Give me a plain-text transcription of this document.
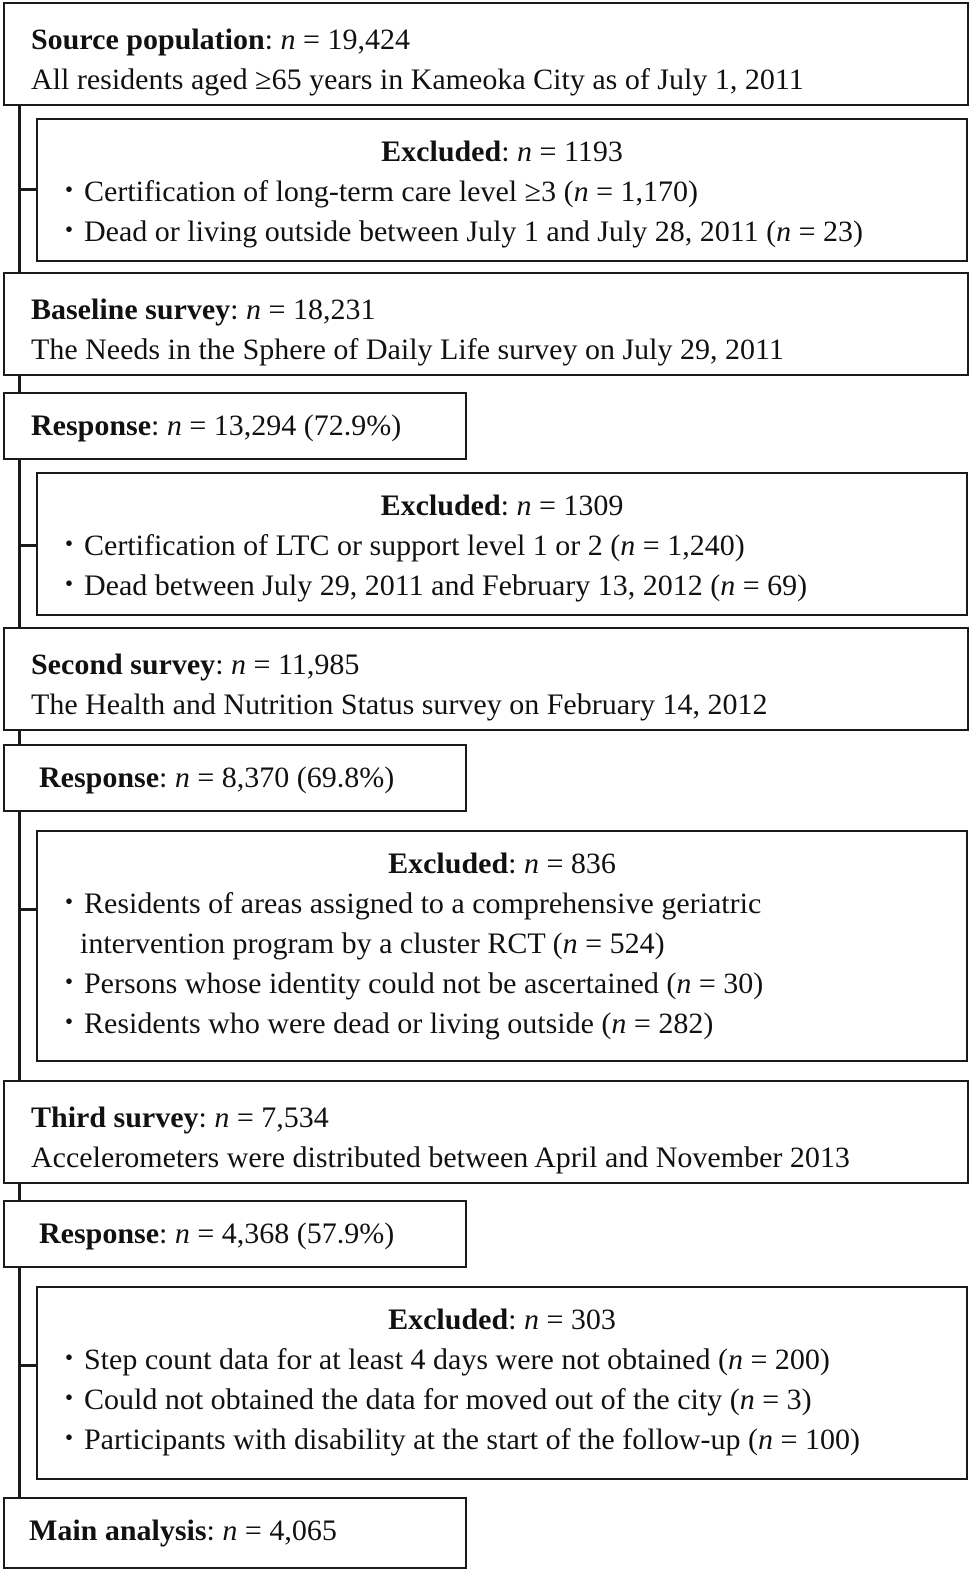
Source population: n = 19,424
All residents aged ≥65 years in Kameoka City as of July 1, 2011
Excluded: n = 1193
・Certification of long-term care level ≥3 (n = 1,170)
・Dead or living outside between July 1 and July 28, 2011 (n = 23)
Baseline survey: n = 18,231
The Needs in the Sphere of Daily Life survey on July 29, 2011
Response: n = 13,294 (72.9%)
Excluded: n = 1309
・Certification of LTC or support level 1 or 2 (n = 1,240)
・Dead between July 29, 2011 and February 13, 2012 (n = 69)
Second survey: n = 11,985
The Health and Nutrition Status survey on February 14, 2012
Response: n = 8,370 (69.8%)
Excluded: n = 836
・Residents of areas assigned to a comprehensive geriatric
intervention program by a cluster RCT (n = 524)
・Persons whose identity could not be ascertained (n = 30)
・Residents who were dead or living outside (n = 282)
Third survey: n = 7,534
Accelerometers were distributed between April and November 2013
Response: n = 4,368 (57.9%)
Excluded: n = 303
・Step count data for at least 4 days were not obtained (n = 200)
・Could not obtained the data for moved out of the city (n = 3)
・Participants with disability at the start of the follow-up (n = 100)
Main analysis: n = 4,065
